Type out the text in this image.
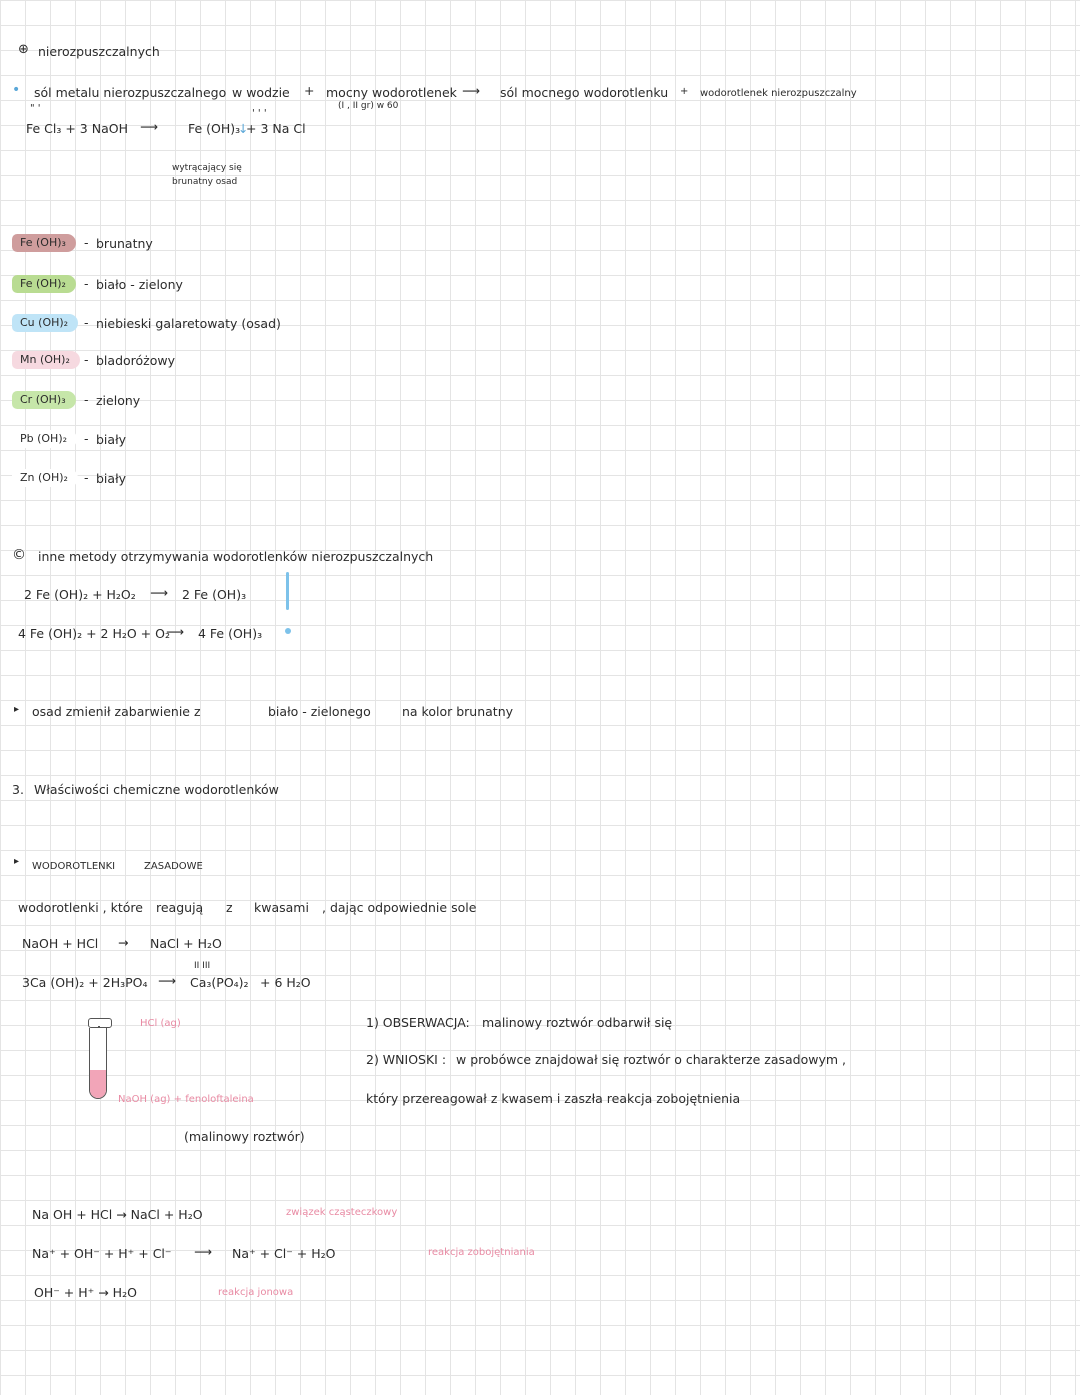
⊕ nierozpuszczalnych
•
" '
sól metalu nierozpuszczalnego w wodzie + mocny wodorotlenek
(I , II gr) w 60
⟶ sól mocnego wodorotlenku + wodorotlenek nierozpuszczalny
Fe Cl₃ + 3 NaOH ⟶
' ' '
Fe (OH)₃
↓
+ 3 Na Cl
wytrącający się
brunatny osad
Fe (OH)₃	- brunatny
Fe (OH)₂	- biało - zielony
Cu (OH)₂	- niebieski galaretowaty (osad)
Mn (OH)₂	- bladoróżowy
Cr (OH)₃	- zielony
Pb (OH)₂	- biały
Zn (OH)₂	- biały
© inne metody otrzymywania wodorotlenków nierozpuszczalnych
2 Fe (OH)₂ + H₂O₂ ⟶ 2 Fe (OH)₃
4 Fe (OH)₂ + 2 H₂O + O₂
⟶ 4 Fe (OH)₃
▸ osad zmienił zabarwienie z	biało - zielonego na kolor brunatny
3. Właściwości chemiczne wodorotlenków
▸ WODOROTLENKI	ZASADOWE
wodorotlenki , które reagują z kwasami , dając odpowiednie sole
NaOH + HCl → NaCl + H₂O
II III
3Ca (OH)₂ + 2H₃PO₄ ⟶ Ca₃(PO₄)₂ + 6 H₂O
HCl (ag)
NaOH (ag) + fenoloftaleina
(malinowy roztwór)
1) OBSERWACJA: malinowy roztwór odbarwił się
2) WNIOSKI : w probówce znajdował się roztwór o charakterze zasadowym ,
który przereagował z kwasem i zaszła reakcja zobojętnienia
Na OH + HCl → NaCl + H₂O	związek cząsteczkowy
Na⁺ + OH⁻ + H⁺ + Cl⁻ ⟶ Na⁺ + Cl⁻ + H₂O	reakcja zobojętniania
OH⁻ + H⁺ → H₂O	reakcja jonowa
